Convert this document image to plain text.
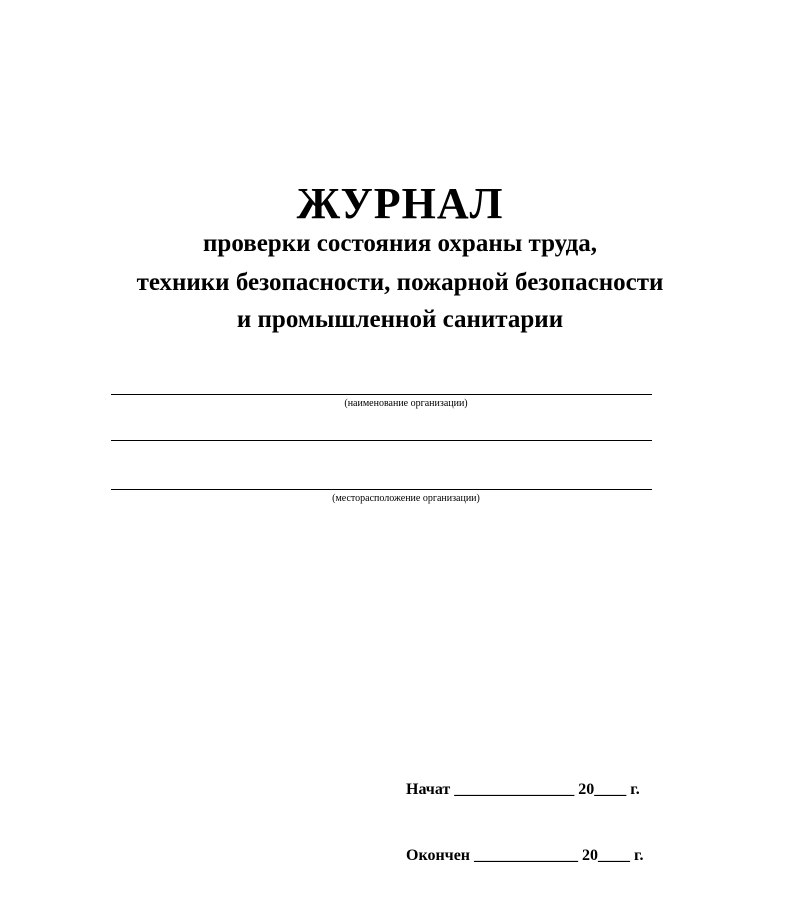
ЖУРНАЛ
проверки состояния охраны труда,
техники безопасности, пожарной безопасности
и промышленной санитарии
(наименование организации)
(месторасположение организации)

Начат _______________ 20____ г.

Окончен _____________ 20____ г.
